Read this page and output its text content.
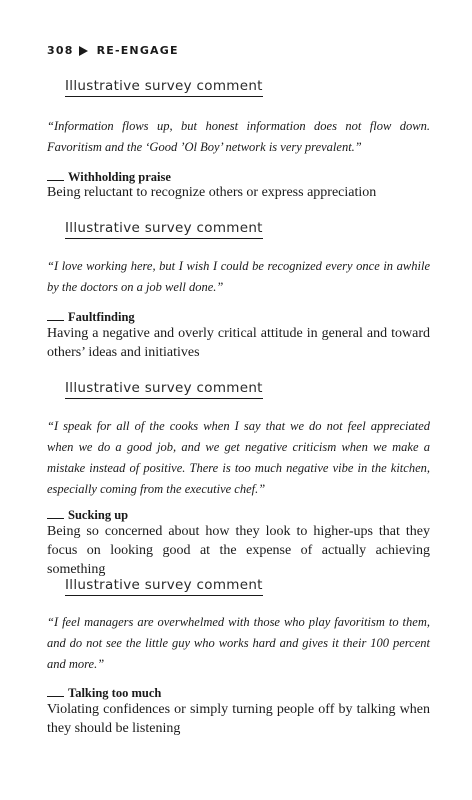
308 RE-ENGAGE
Illustrative survey comment
“Information flows up, but honest information does not flow down. Favoritism and the ‘Good ’Ol Boy’ network is very prevalent.”
Withholding praise
Being reluctant to recognize others or express appreciation
Illustrative survey comment
“I love working here, but I wish I could be recognized every once in awhile by the doctors on a job well done.”
Faultfinding
Having a negative and overly critical attitude in general and toward others’ ideas and initiatives
Illustrative survey comment
“I speak for all of the cooks when I say that we do not feel appreciated when we do a good job, and we get negative criticism when we make a mistake instead of positive. There is too much negative vibe in the kitchen, especially coming from the executive chef.”
Sucking up
Being so concerned about how they look to higher-ups that they focus on looking good at the expense of actually achieving something
Illustrative survey comment
“I feel managers are overwhelmed with those who play favoritism to them, and do not see the little guy who works hard and gives it their 100 percent and more.”
Talking too much
Violating confidences or simply turning people off by talking when they should be listening
